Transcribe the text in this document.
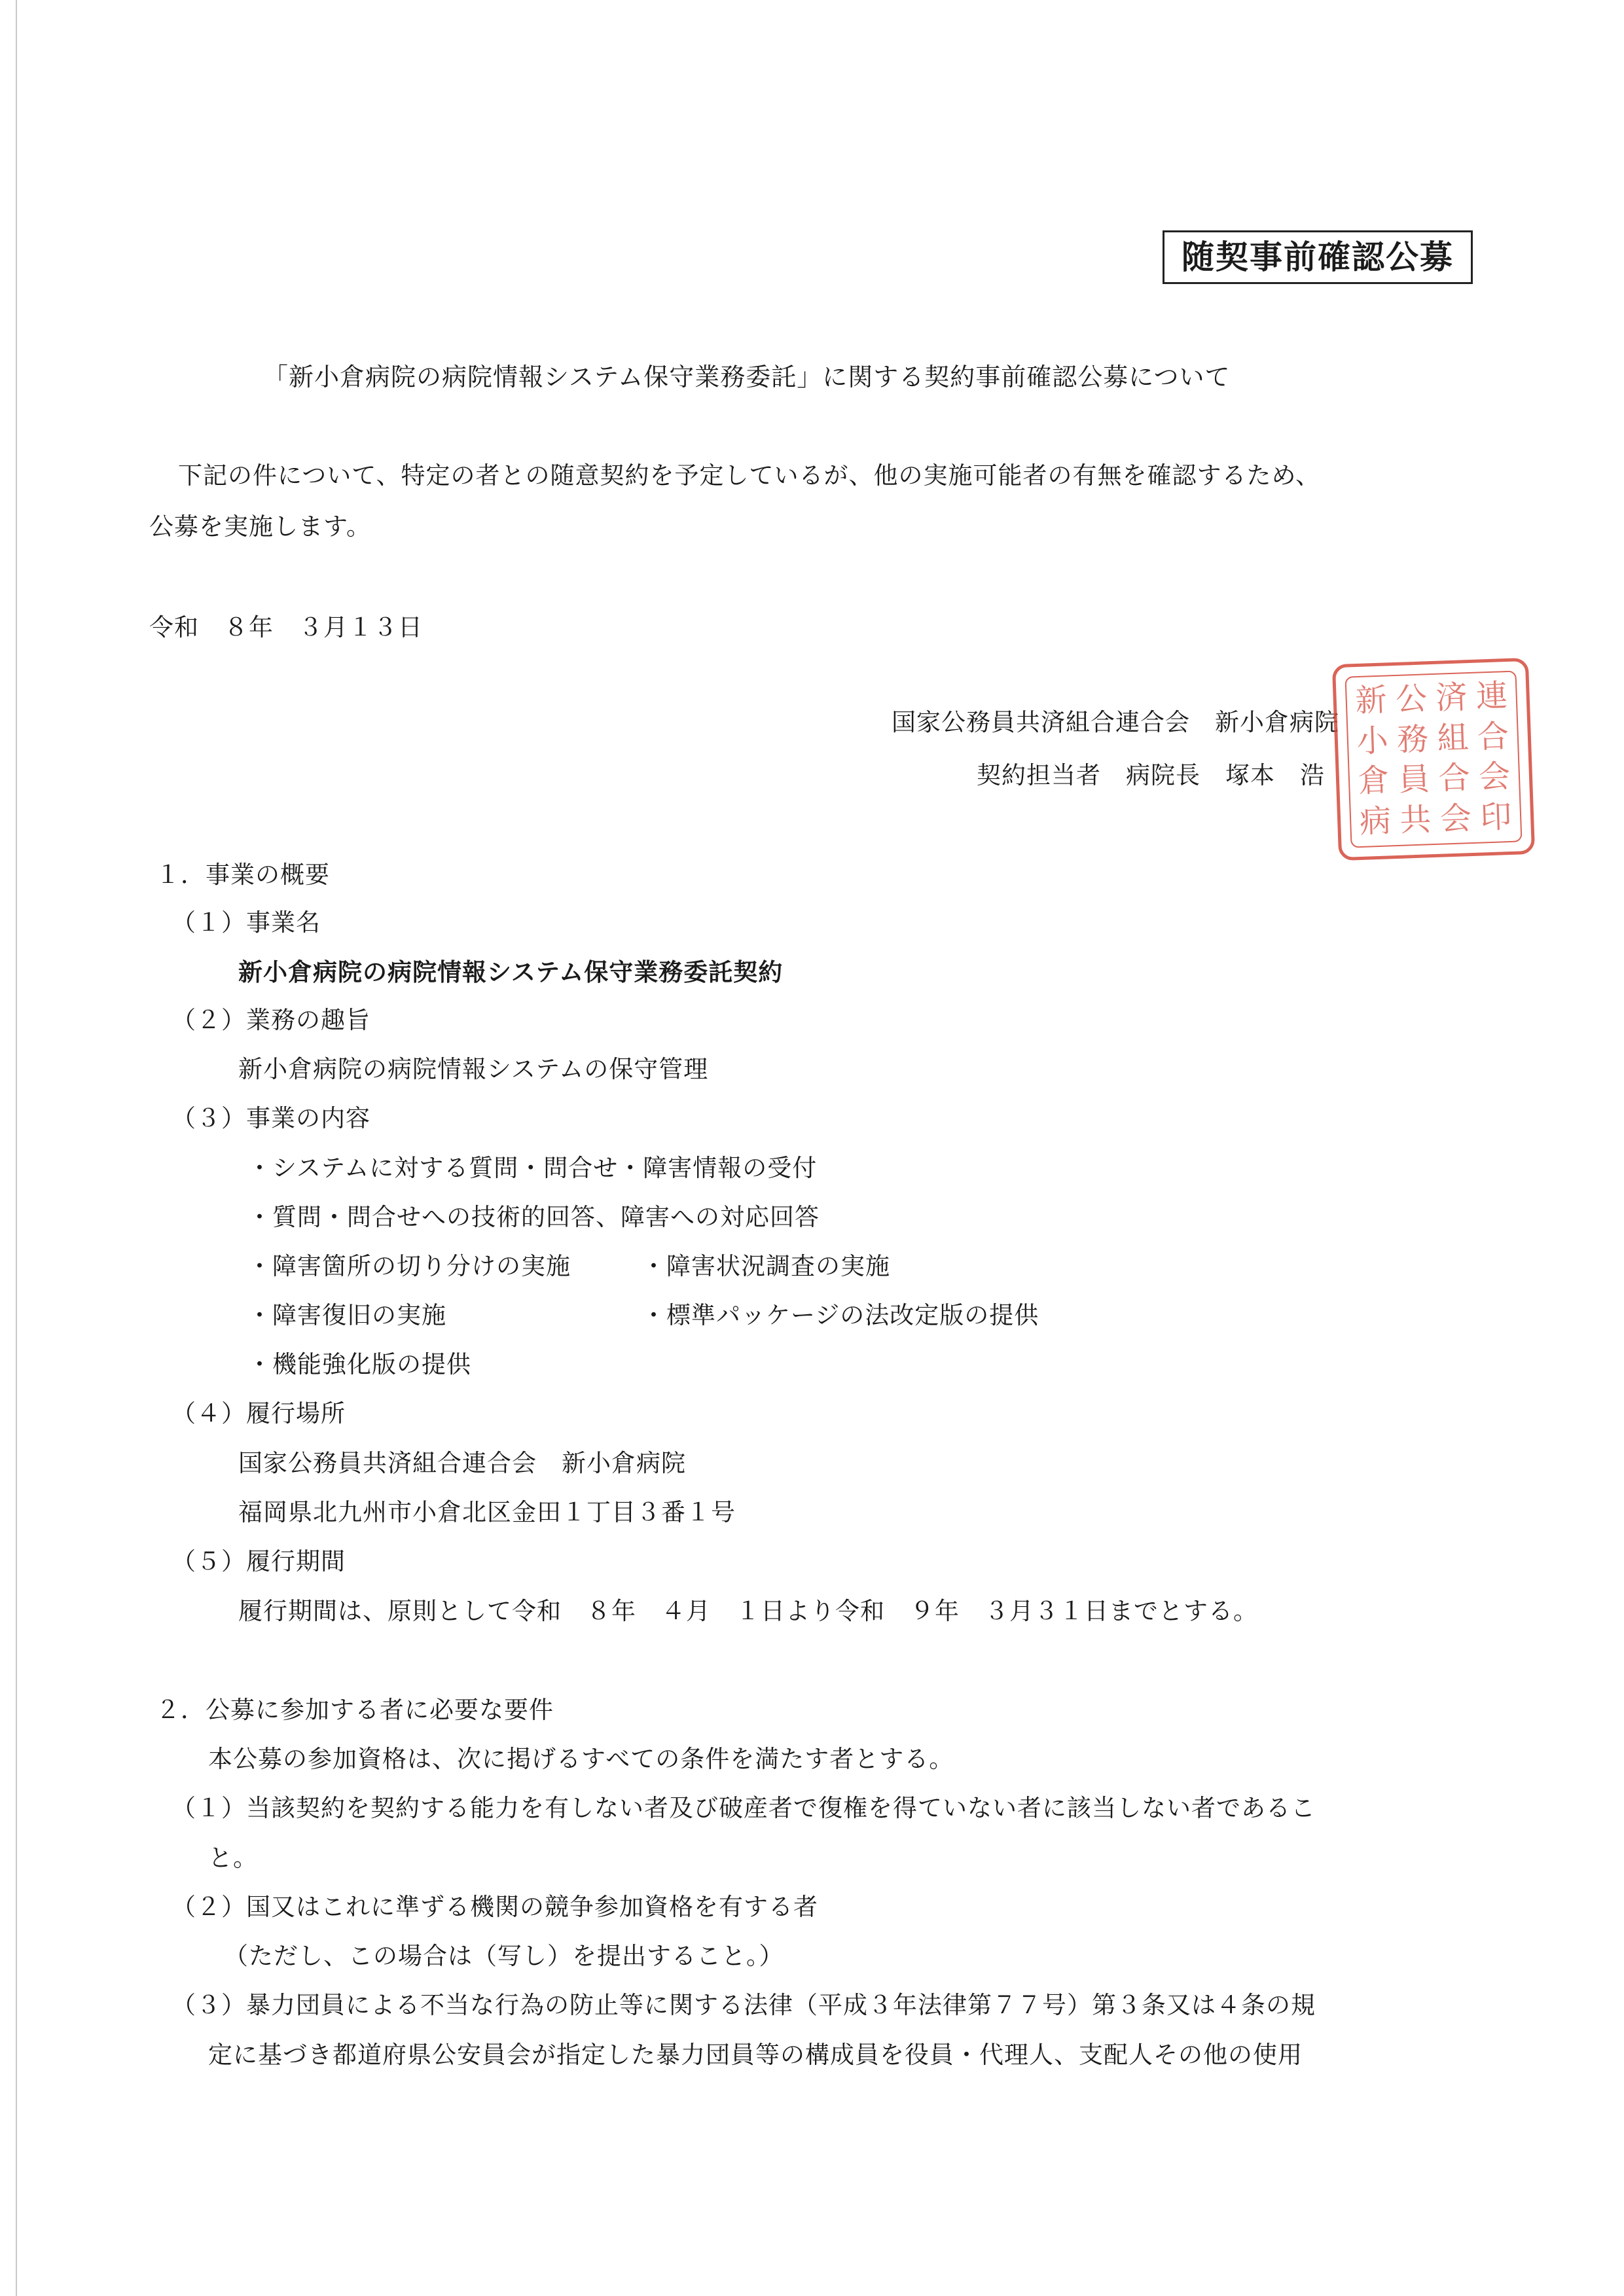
随契事前確認公募
「新小倉病院の病院情報システム保守業務委託」に関する契約事前確認公募について
下記の件について、特定の者との随意契約を予定しているが、他の実施可能者の有無を確認するため、
公募を実施します。
令和　８年　３月１３日
国家公務員共済組合連合会　新小倉病院
契約担当者　病院長　塚本　浩
新 公 済 連
小 務 組 合
倉 員 合 会
病 共 会 印
１．事業の概要
（１）事業名
新小倉病院の病院情報システム保守業務委託契約
（２）業務の趣旨
新小倉病院の病院情報システムの保守管理
（３）事業の内容
・システムに対する質問・問合せ・障害情報の受付
・質問・問合せへの技術的回答、障害への対応回答
・障害箇所の切り分けの実施	・障害状況調査の実施
・障害復旧の実施	・標準パッケージの法改定版の提供
・機能強化版の提供
（４）履行場所
国家公務員共済組合連合会　新小倉病院
福岡県北九州市小倉北区金田１丁目３番１号
（５）履行期間
履行期間は、原則として令和　８年　４月　１日より令和　９年　３月３１日までとする。
２．公募に参加する者に必要な要件
本公募の参加資格は、次に掲げるすべての条件を満たす者とする。
（１）当該契約を契約する能力を有しない者及び破産者で復権を得ていない者に該当しない者であるこ
と。
（２）国又はこれに準ずる機関の競争参加資格を有する者
（ただし、この場合は（写し）を提出すること。）
（３）暴力団員による不当な行為の防止等に関する法律（平成３年法律第７７号）第３条又は４条の規
定に基づき都道府県公安員会が指定した暴力団員等の構成員を役員・代理人、支配人その他の使用
